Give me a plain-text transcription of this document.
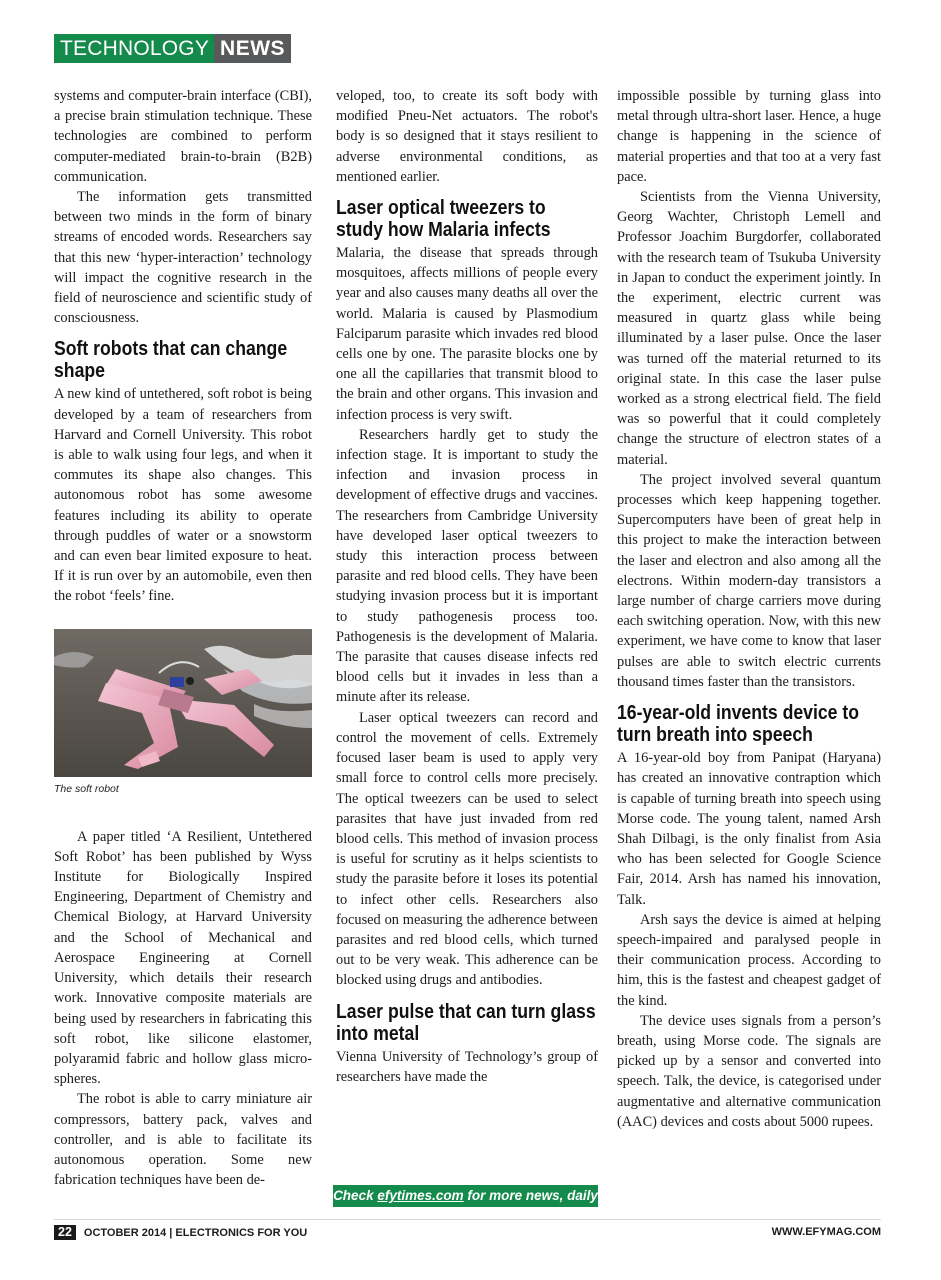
TECHNOLOGY NEWS

systems and computer-brain interface (CBI), a precise brain stimulation technique. These technologies are combined to perform computer-mediated brain-to-brain (B2B) communication.

The information gets transmitted between two minds in the form of binary streams of encoded words. Researchers say that this new ‘hyper-interaction’ technology will impact the cognitive research in the field of neuroscience and scientific study of consciousness.

Soft robots that can change shape

A new kind of untethered, soft robot is being developed by a team of researchers from Harvard and Cornell University. This robot is able to walk using four legs, and when it commutes its shape also changes. This autonomous robot has some awesome features including its ability to operate through puddles of water or a snowstorm and can even bear limited exposure to heat. If it is run over by an automobile, even then the robot ‘feels’ fine.

The soft robot

A paper titled ‘A Resilient, Untethered Soft Robot’ has been published by Wyss Institute for Biologically Inspired Engineering, Department of Chemistry and Chemical Biology, at Harvard University and the School of Mechanical and Aerospace Engineering at Cornell University, which details their research work. Innovative composite materials are being used by researchers in fabricating this soft robot, like silicone elastomer, polyaramid fabric and hollow glass micro-spheres.

The robot is able to carry miniature air compressors, battery pack, valves and controller, and is able to facilitate its autonomous operation. Some new fabrication techniques have been de-

veloped, too, to create its soft body with modified Pneu-Net actuators. The robot's body is so designed that it stays resilient to adverse environmental conditions, as mentioned earlier.

Laser optical tweezers to study how Malaria infects

Malaria, the disease that spreads through mosquitoes, affects millions of people every year and also causes many deaths all over the world. Malaria is caused by Plasmodium Falciparum parasite which invades red blood cells one by one. The parasite blocks one by one all the capillaries that transmit blood to the brain and other organs. This invasion and infection process is very swift.

Researchers hardly get to study the infection stage. It is important to study the infection and invasion process in development of effective drugs and vaccines. The researchers from Cambridge University have developed laser optical tweezers to study this interaction process between parasite and red blood cells. They have been studying invasion process but it is important to study pathogenesis process too. Pathogenesis is the development of Malaria. The parasite that causes disease infects red blood cells but it invades in less than a minute after its release.

Laser optical tweezers can record and control the movement of cells. Extremely focused laser beam is used to apply very small force to control cells more precisely. The optical tweezers can be used to select parasites that have just invaded from red blood cells. This method of invasion process is useful for scrutiny as it helps scientists to study the parasite before it loses its potential to infect other cells. Researchers also focused on measuring the adherence between parasites and red blood cells, which turned out to be very weak. This adherence can be blocked using drugs and antibodies.

Laser pulse that can turn glass into metal

Vienna University of Technology’s group of researchers have made the

impossible possible by turning glass into metal through ultra-short laser. Hence, a huge change is happening in the science of material properties and that too at a very fast pace.

Scientists from the Vienna University, Georg Wachter, Christoph Lemell and Professor Joachim Burgdorfer, collaborated with the research team of Tsukuba University in Japan to conduct the experiment jointly. In the experiment, electric current was measured in quartz glass while being illuminated by a laser pulse. Once the laser was turned off the material returned to its original state. In this case the laser pulse worked as a strong electrical field. The field was so powerful that it could completely change the structure of electron states of a material.

The project involved several quantum processes which keep happening together. Supercomputers have been of great help in this project to make the interaction between the laser and electron and also among all the electrons. Within modern-day transistors a large number of charge carriers move during each switching operation. Now, with this new experiment, we have come to know that laser pulses are able to switch electric currents thousand times faster than the transistors.

16-year-old invents device to turn breath into speech

A 16-year-old boy from Panipat (Haryana) has created an innovative contraption which is capable of turning breath into speech using Morse code. The young talent, named Arsh Shah Dilbagi, is the only finalist from Asia who has been selected for Google Science Fair, 2014. Arsh has named his innovation, Talk.

Arsh says the device is aimed at helping speech-impaired and paralysed people in their communication process. According to him, this is the fastest and cheapest gadget of the kind.

The device uses signals from a person’s breath, using Morse code. The signals are picked up by a sensor and converted into speech. Talk, the device, is categorised under augmentative and alternative communication (AAC) devices and costs about 5000 rupees.

Check efytimes.com for more news, daily
22	OCTOBER 2014 | ELECTRONICS FOR YOU	WWW.EFYMAG.COM
